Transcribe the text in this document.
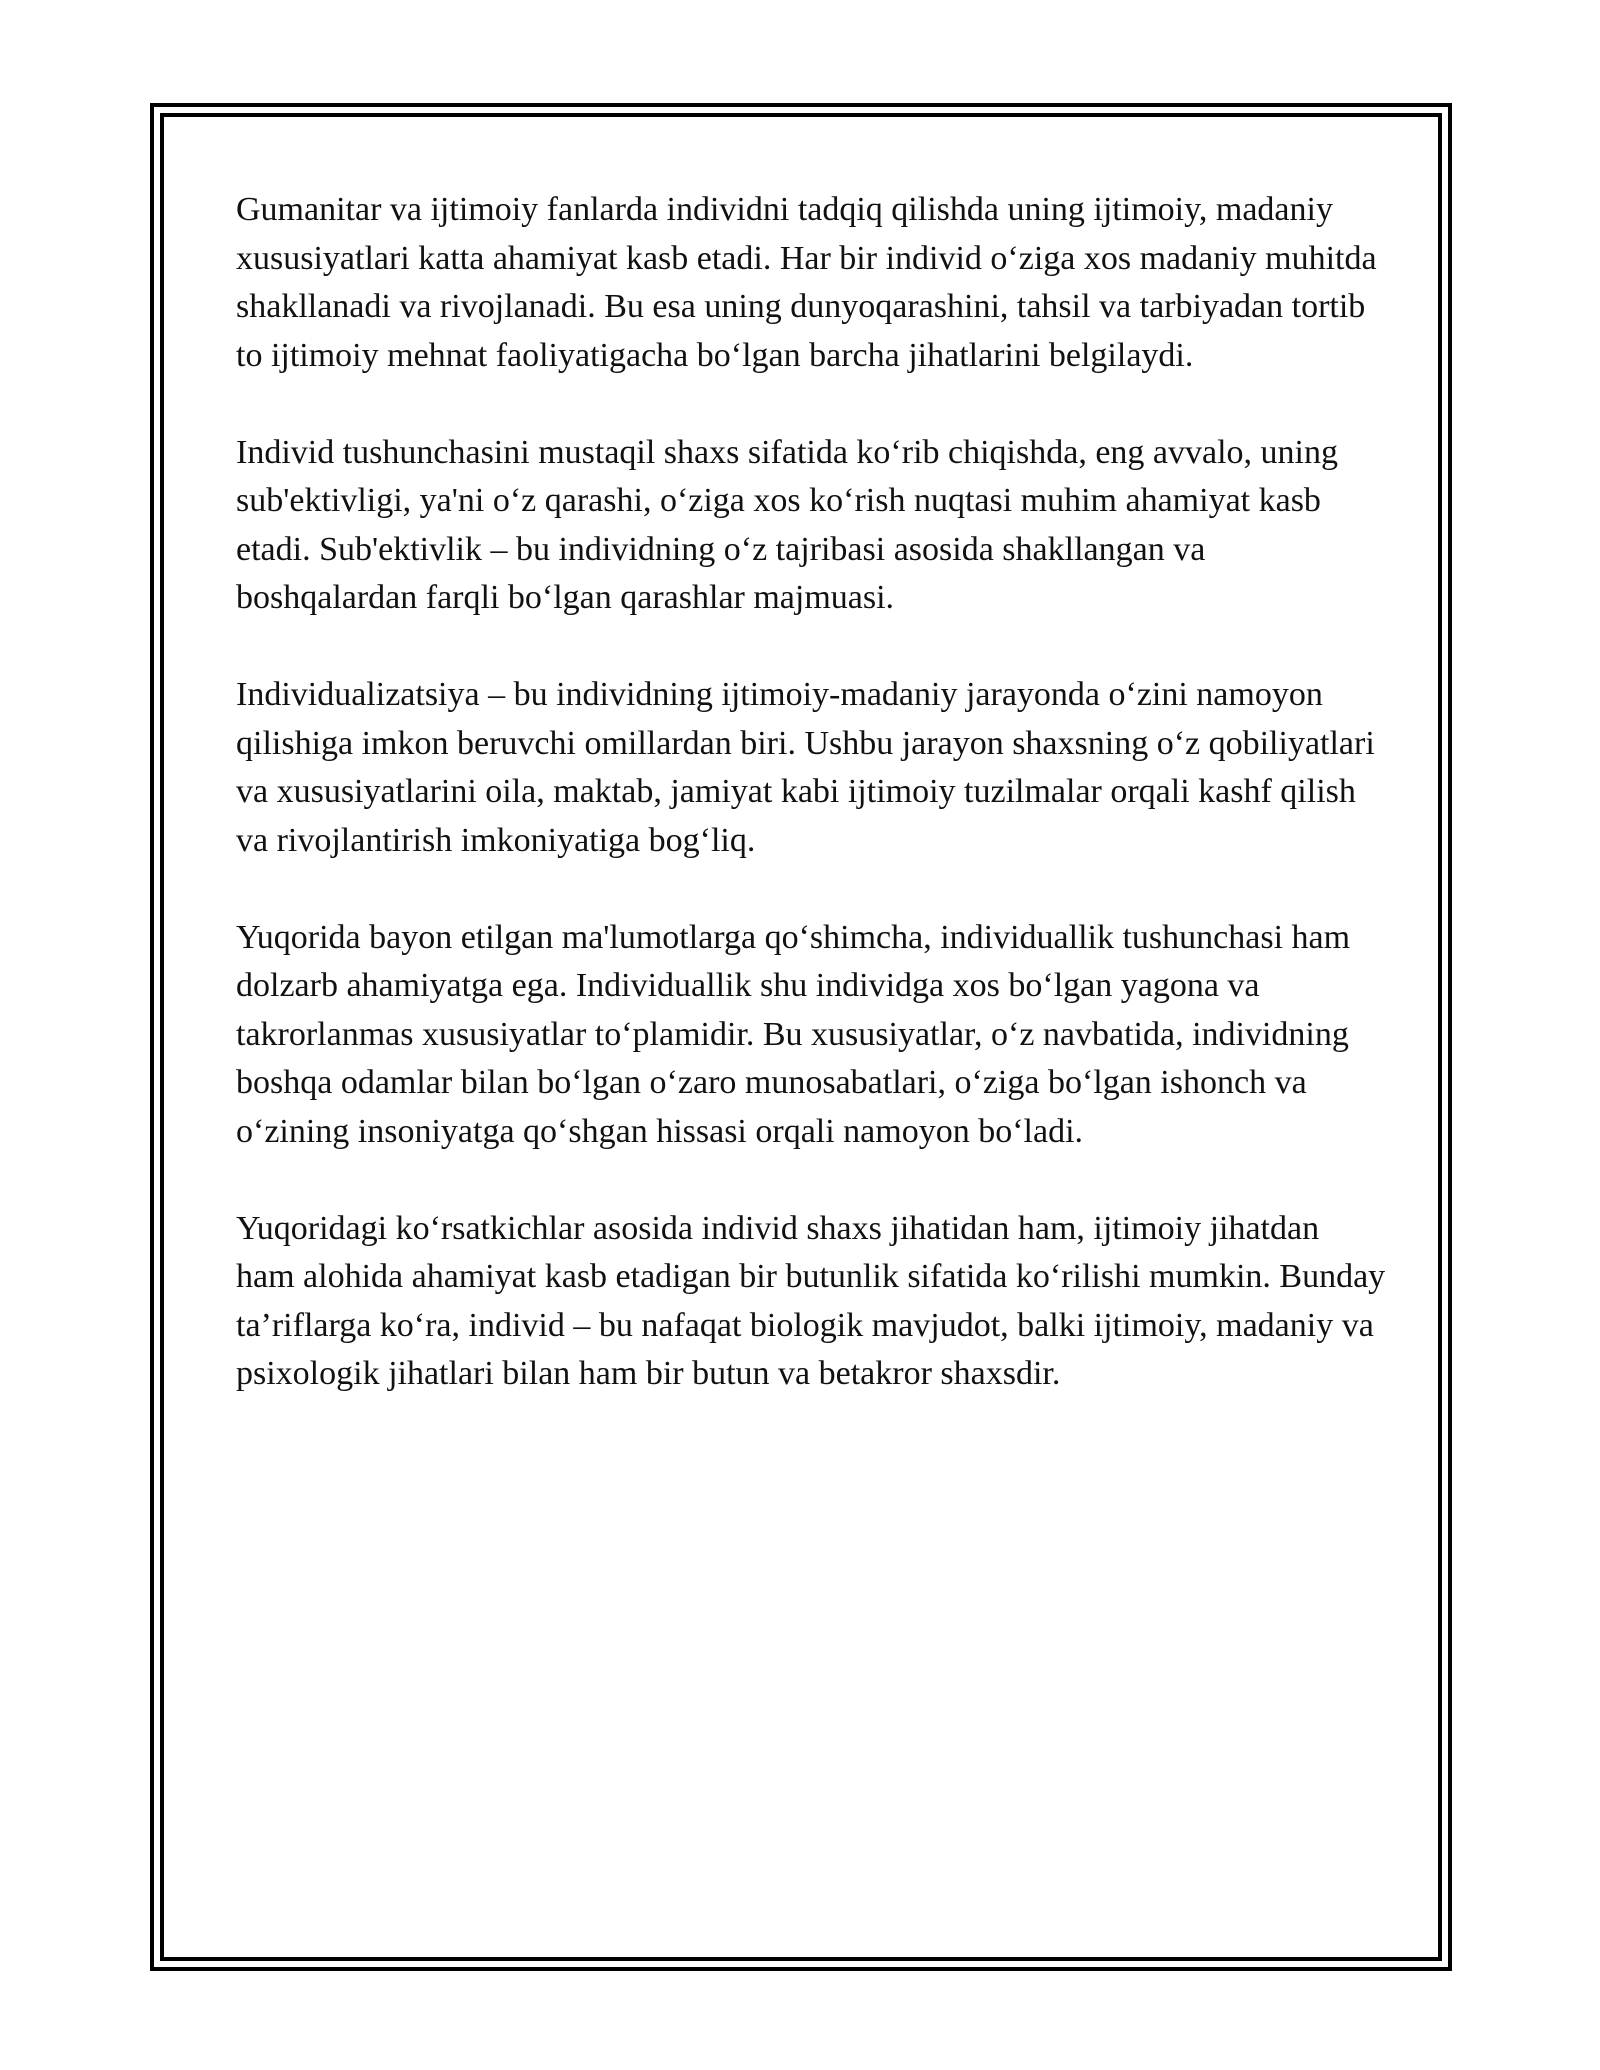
Gumanitar va ijtimoiy fanlarda individni tadqiq qilishda uning ijtimoiy, madaniy xususiyatlari katta ahamiyat kasb etadi. Har bir individ o‘ziga xos madaniy muhitda shakllanadi va rivojlanadi. Bu esa uning dunyoqarashini, tahsil va tarbiyadan tortib to ijtimoiy mehnat faoliyatigacha bo‘lgan barcha jihatlarini belgilaydi.

Individ tushunchasini mustaqil shaxs sifatida ko‘rib chiqishda, eng avvalo, uning sub'ektivligi, ya'ni o‘z qarashi, o‘ziga xos ko‘rish nuqtasi muhim ahamiyat kasb etadi. Sub'ektivlik – bu individning o‘z tajribasi asosida shakllangan va boshqalardan farqli bo‘lgan qarashlar majmuasi.

Individualizatsiya – bu individning ijtimoiy-madaniy jarayonda o‘zini namoyon qilishiga imkon beruvchi omillardan biri. Ushbu jarayon shaxsning o‘z qobiliyatlari va xususiyatlarini oila, maktab, jamiyat kabi ijtimoiy tuzilmalar orqali kashf qilish va rivojlantirish imkoniyatiga bog‘liq.

Yuqorida bayon etilgan ma'lumotlarga qo‘shimcha, individuallik tushunchasi ham dolzarb ahamiyatga ega. Individuallik shu individga xos bo‘lgan yagona va takrorlanmas xususiyatlar to‘plamidir. Bu xususiyatlar, o‘z navbatida, individning boshqa odamlar bilan bo‘lgan o‘zaro munosabatlari, o‘ziga bo‘lgan ishonch va o‘zining insoniyatga qo‘shgan hissasi orqali namoyon bo‘ladi.

Yuqoridagi ko‘rsatkichlar asosida individ shaxs jihatidan ham, ijtimoiy jihatdan ham alohida ahamiyat kasb etadigan bir butunlik sifatida ko‘rilishi mumkin. Bunday ta’riflarga ko‘ra, individ – bu nafaqat biologik mavjudot, balki ijtimoiy, madaniy va psixologik jihatlari bilan ham bir butun va betakror shaxsdir.
